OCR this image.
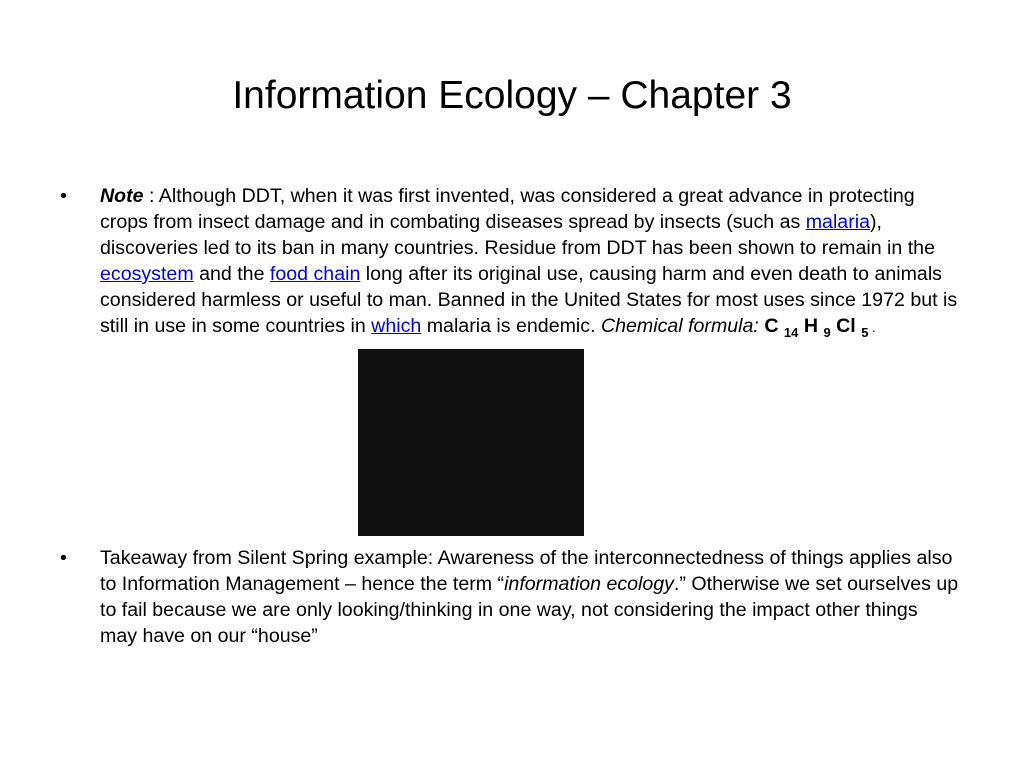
Information Ecology – Chapter 3
•	Note : Although DDT, when it was first invented, was considered a great advance in protecting crops from insect damage and in combating diseases spread by insects (such as malaria), discoveries led to its ban in many countries. Residue from DDT has been shown to remain in the ecosystem and the food chain long after its original use, causing harm and even death to animals considered harmless or useful to man. Banned in the United States for most uses since 1972 but is still in use in some countries in which malaria is endemic. Chemical formula: C $_{14}$ H $_9$ Cl $_5$ .
•	Takeaway from Silent Spring example: Awareness of the interconnectedness of things applies also to Information Management – hence the term “information ecology.” Otherwise we set ourselves up to fail because we are only looking/thinking in one way, not considering the impact other things may have on our “house”
